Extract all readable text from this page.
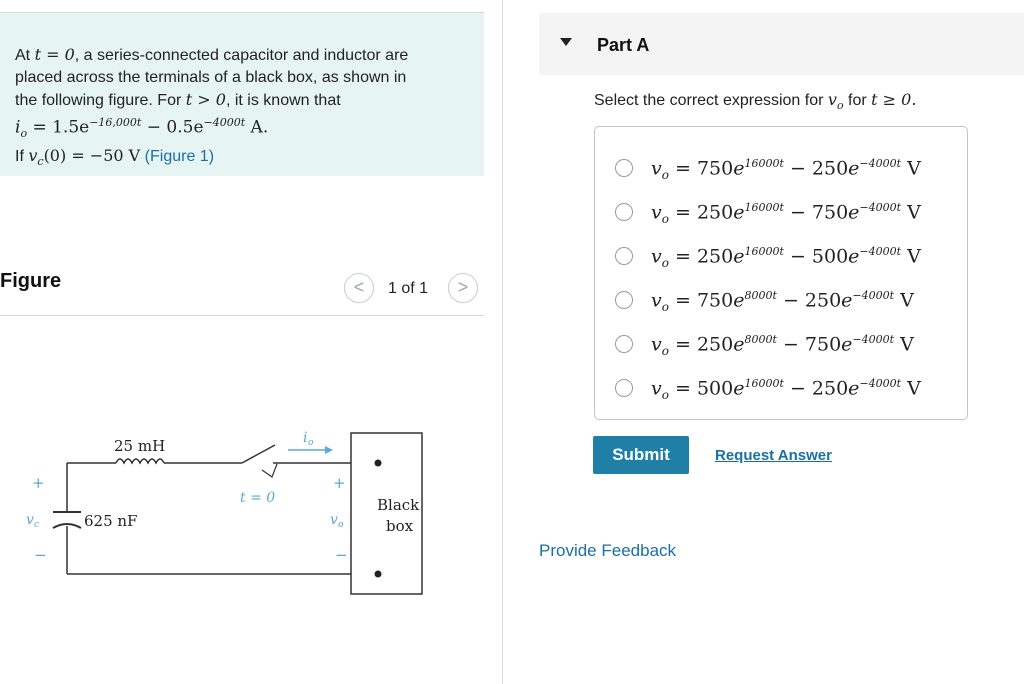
At t = 0, a series-connected capacitor and inductor are
placed across the terminals of a black box, as shown in
the following figure. For t > 0, it is known that
$i_o = 1.5e^{-16,000t} - 0.5e^{-4000t}$ A.
If $v_c(0) = -50$ V (Figure 1)
Figure	<	1 of 1	>
25 mH
625 nF
t = 0
i o
+
v c
−
+
v o
−
Black
box
Part A
Select the correct expression for $v_o$ for t ≥ 0.
$v_o = 750e^{16000t} - 250e^{-4000t}$ V
$v_o = 250e^{16000t} - 750e^{-4000t}$ V
$v_o = 250e^{16000t} - 500e^{-4000t}$ V
$v_o = 750e^{8000t} - 250e^{-4000t}$ V
$v_o = 250e^{8000t} - 750e^{-4000t}$ V
$v_o = 500e^{16000t} - 250e^{-4000t}$ V
Submit	Request Answer
Provide Feedback
